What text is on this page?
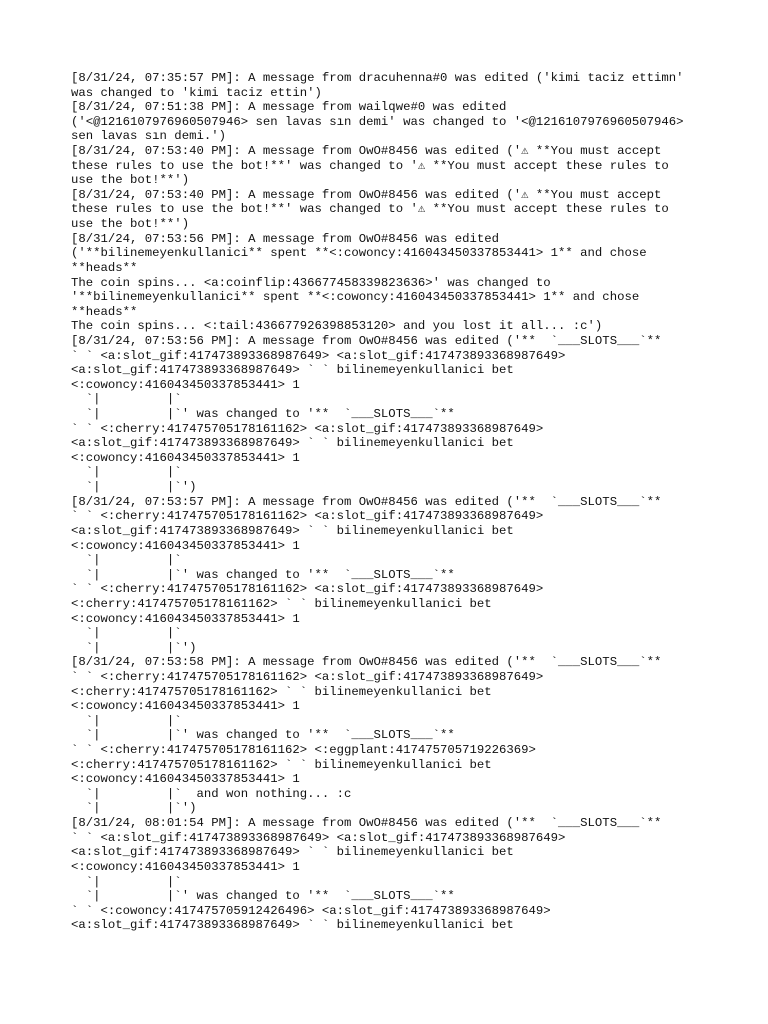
[8/31/24, 07:35:57 PM]: A message from dracuhenna#0 was edited ('kimi taciz ettimn'
was changed to 'kimi taciz ettin')
[8/31/24, 07:51:38 PM]: A message from wailqwe#0 was edited
('<@1216107976960507946> sen lavas sın demi' was changed to '<@1216107976960507946>
sen lavas sın demi.')
[8/31/24, 07:53:40 PM]: A message from OwO#8456 was edited ('⚠ **You must accept
these rules to use the bot!**' was changed to '⚠ **You must accept these rules to
use the bot!**')
[8/31/24, 07:53:40 PM]: A message from OwO#8456 was edited ('⚠ **You must accept
these rules to use the bot!**' was changed to '⚠ **You must accept these rules to
use the bot!**')
[8/31/24, 07:53:56 PM]: A message from OwO#8456 was edited
('**bilinemeyenkullanici** spent **<:cowoncy:416043450337853441> 1** and chose
**heads**
The coin spins... <a:coinflip:436677458339823636>' was changed to
'**bilinemeyenkullanici** spent **<:cowoncy:416043450337853441> 1** and chose
**heads**
The coin spins... <:tail:436677926398853120> and you lost it all... :c')
[8/31/24, 07:53:56 PM]: A message from OwO#8456 was edited ('**  `___SLOTS___`**
` ` <a:slot_gif:417473893368987649> <a:slot_gif:417473893368987649>
<a:slot_gif:417473893368987649> ` ` bilinemeyenkullanici bet
<:cowoncy:416043450337853441> 1
`|         |`
`|         |`' was changed to '**  `___SLOTS___`**
` ` <:cherry:417475705178161162> <a:slot_gif:417473893368987649>
<a:slot_gif:417473893368987649> ` ` bilinemeyenkullanici bet
<:cowoncy:416043450337853441> 1
`|         |`
`|         |`')
[8/31/24, 07:53:57 PM]: A message from OwO#8456 was edited ('**  `___SLOTS___`**
` ` <:cherry:417475705178161162> <a:slot_gif:417473893368987649>
<a:slot_gif:417473893368987649> ` ` bilinemeyenkullanici bet
<:cowoncy:416043450337853441> 1
`|         |`
`|         |`' was changed to '**  `___SLOTS___`**
` ` <:cherry:417475705178161162> <a:slot_gif:417473893368987649>
<:cherry:417475705178161162> ` ` bilinemeyenkullanici bet
<:cowoncy:416043450337853441> 1
`|         |`
`|         |`')
[8/31/24, 07:53:58 PM]: A message from OwO#8456 was edited ('**  `___SLOTS___`**
` ` <:cherry:417475705178161162> <a:slot_gif:417473893368987649>
<:cherry:417475705178161162> ` ` bilinemeyenkullanici bet
<:cowoncy:416043450337853441> 1
`|         |`
`|         |`' was changed to '**  `___SLOTS___`**
` ` <:cherry:417475705178161162> <:eggplant:417475705719226369>
<:cherry:417475705178161162> ` ` bilinemeyenkullanici bet
<:cowoncy:416043450337853441> 1
`|         |`  and won nothing... :c
`|         |`')
[8/31/24, 08:01:54 PM]: A message from OwO#8456 was edited ('**  `___SLOTS___`**
` ` <a:slot_gif:417473893368987649> <a:slot_gif:417473893368987649>
<a:slot_gif:417473893368987649> ` ` bilinemeyenkullanici bet
<:cowoncy:416043450337853441> 1
`|         |`
`|         |`' was changed to '**  `___SLOTS___`**
` ` <:cowoncy:417475705912426496> <a:slot_gif:417473893368987649>
<a:slot_gif:417473893368987649> ` ` bilinemeyenkullanici bet
